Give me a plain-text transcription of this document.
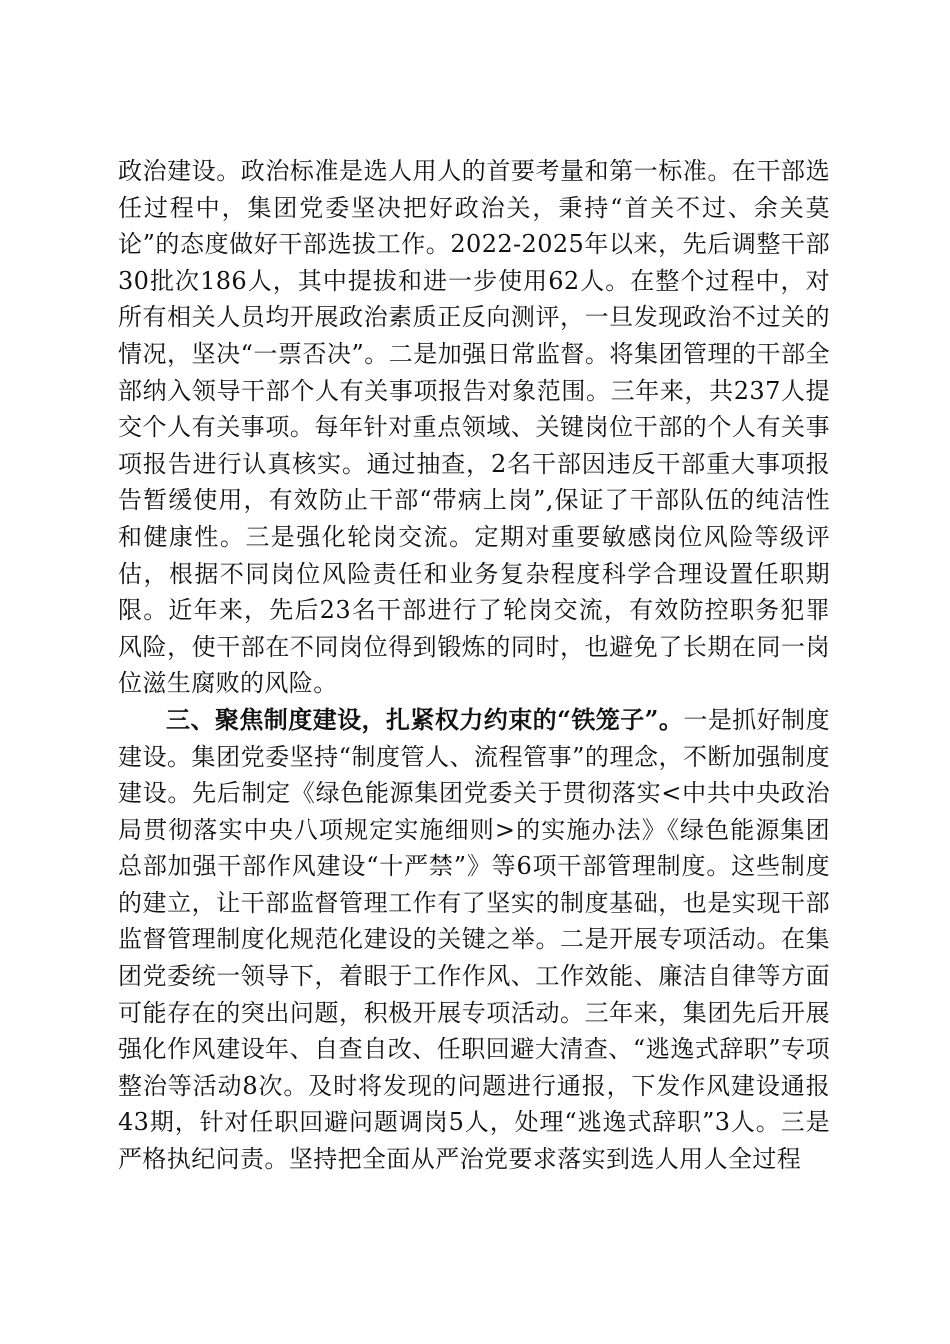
政治建设。政治标准是选人用人的首要考量和第一标准。在干部选任过程中，集团党委坚决把好政治关，秉持“首关不过、余关莫论”的态度做好干部选拔工作。2022-2025年以来，先后调整干部30批次186人，其中提拔和进一步使用62人。在整个过程中，对所有相关人员均开展政治素质正反向测评，一旦发现政治不过关的情况，坚决“一票否决”。二是加强日常监督。将集团管理的干部全部纳入领导干部个人有关事项报告对象范围。三年来，共237人提交个人有关事项。每年针对重点领域、关键岗位干部的个人有关事项报告进行认真核实。通过抽查，2名干部因违反干部重大事项报告暂缓使用，有效防止干部“带病上岗”,保证了干部队伍的纯洁性和健康性。三是强化轮岗交流。定期对重要敏感岗位风险等级评估，根据不同岗位风险责任和业务复杂程度科学合理设置任职期限。近年来，先后23名干部进行了轮岗交流，有效防控职务犯罪风险，使干部在不同岗位得到锻炼的同时，也避免了长期在同一岗位滋生腐败的风险。

三、聚焦制度建设，扎紧权力约束的“铁笼子”。一是抓好制度建设。集团党委坚持“制度管人、流程管事”的理念，不断加强制度建设。先后制定《绿色能源集团党委关于贯彻落实<中共中央政治局贯彻落实中央八项规定实施细则>的实施办法》《绿色能源集团总部加强干部作风建设“十严禁”》等6项干部管理制度。这些制度的建立，让干部监督管理工作有了坚实的制度基础，也是实现干部监督管理制度化规范化建设的关键之举。二是开展专项活动。在集团党委统一领导下，着眼于工作作风、工作效能、廉洁自律等方面可能存在的突出问题，积极开展专项活动。三年来，集团先后开展强化作风建设年、自查自改、任职回避大清查、“逃逸式辞职”专项整治等活动8次。及时将发现的问题进行通报，下发作风建设通报43期，针对任职回避问题调岗5人，处理“逃逸式辞职”3人。三是严格执纪问责。坚持把全面从严治党要求落实到选人用人全过程
